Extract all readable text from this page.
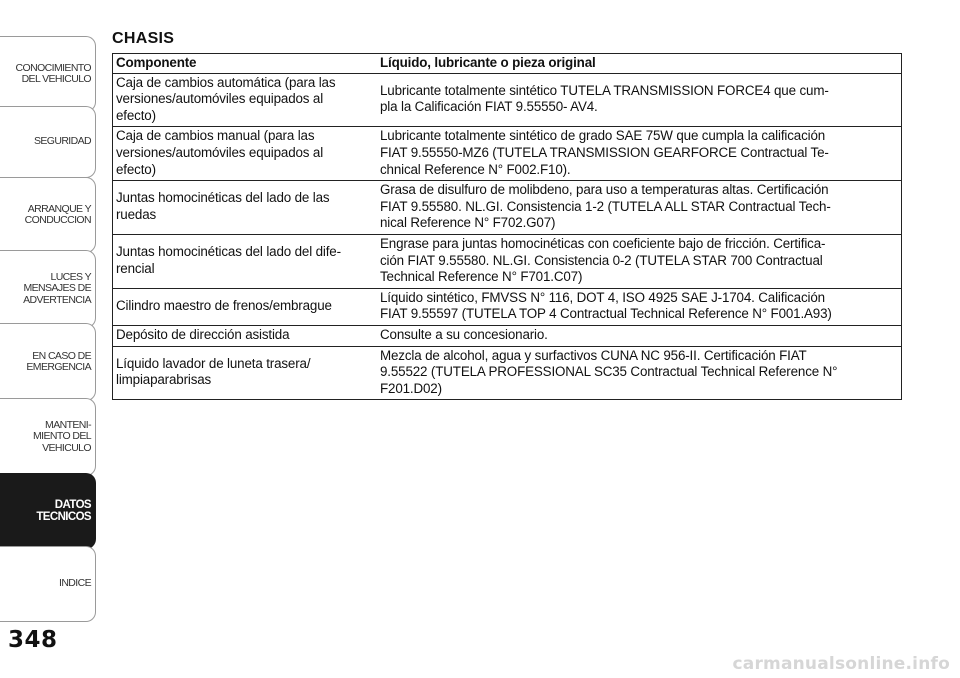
CONOCIMIENTO
DEL VEHICULO
SEGURIDAD
ARRANQUE Y
CONDUCCION
LUCES Y
MENSAJES DE
ADVERTENCIA
EN CASO DE
EMERGENCIA
MANTENI-
MIENTO DEL
VEHICULO
DATOS
TECNICOS
INDICE
348
CHASIS
Componente	Líquido, lubricante o pieza original
Caja de cambios automática (para las
versiones/automóviles equipados al
efecto)	Lubricante totalmente sintético TUTELA TRANSMISSION FORCE4 que cum-
pla la Calificación FIAT 9.55550- AV4.
Caja de cambios manual (para las
versiones/automóviles equipados al
efecto)	Lubricante totalmente sintético de grado SAE 75W que cumpla la calificación
FIAT 9.55550-MZ6 (TUTELA TRANSMISSION GEARFORCE Contractual Te-
chnical Reference N° F002.F10).
Juntas homocinéticas del lado de las
ruedas	Grasa de disulfuro de molibdeno, para uso a temperaturas altas. Certificación
FIAT 9.55580. NL.GI. Consistencia 1-2 (TUTELA ALL STAR Contractual Tech-
nical Reference N° F702.G07)
Juntas homocinéticas del lado del dife-
rencial	Engrase para juntas homocinéticas con coeficiente bajo de fricción. Certifica-
ción FIAT 9.55580. NL.GI. Consistencia 0-2 (TUTELA STAR 700 Contractual
Technical Reference N° F701.C07)
Cilindro maestro de frenos/embrague	Líquido sintético, FMVSS N° 116, DOT 4, ISO 4925 SAE J-1704. Calificación
FIAT 9.55597 (TUTELA TOP 4 Contractual Technical Reference N° F001.A93)
Depósito de dirección asistida	Consulte a su concesionario.
Líquido lavador de luneta trasera/
limpiaparabrisas	Mezcla de alcohol, agua y surfactivos CUNA NC 956-II. Certificación FIAT
9.55522 (TUTELA PROFESSIONAL SC35 Contractual Technical Reference N°
F201.D02)
carmanualsonline.info
